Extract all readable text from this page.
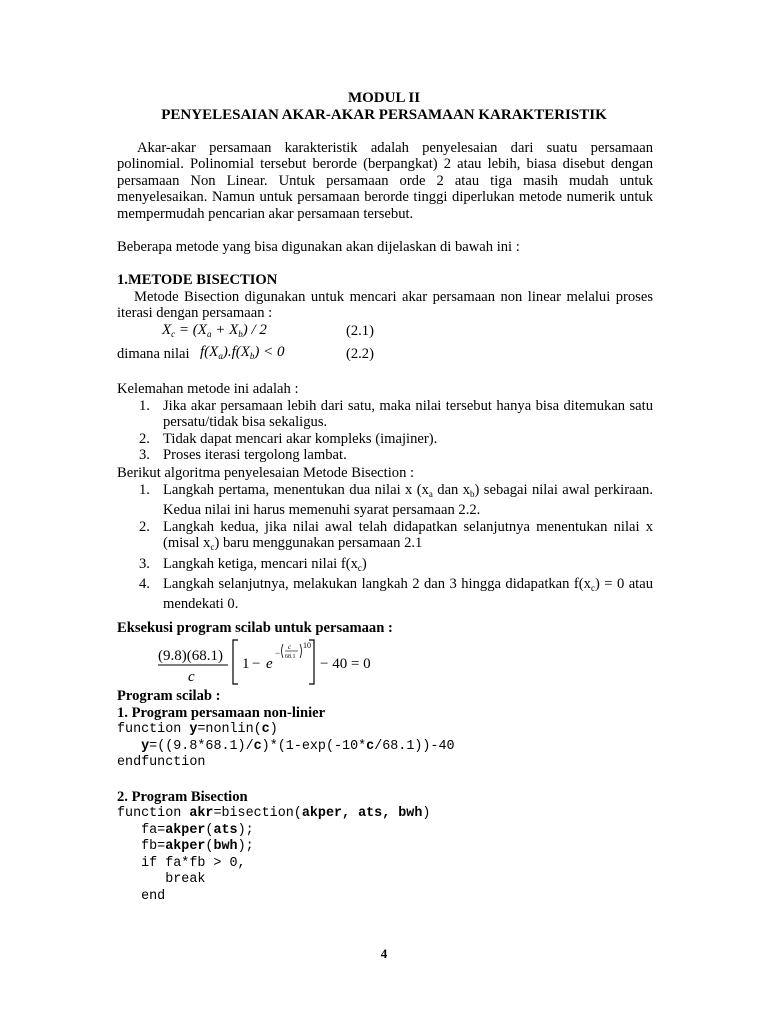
MODUL II
PENYELESAIAN AKAR-AKAR PERSAMAAN KARAKTERISTIK
Akar-akar persamaan karakteristik adalah penyelesaian dari suatu persamaan polinomial. Polinomial tersebut berorde (berpangkat) 2 atau lebih, biasa disebut dengan persamaan Non Linear. Untuk persamaan orde 2 atau tiga masih mudah untuk menyelesaikan. Namun untuk persamaan berorde tinggi diperlukan metode numerik untuk mempermudah pencarian akar persamaan tersebut.
Beberapa metode yang bisa digunakan akan dijelaskan di bawah ini :
1.METODE BISECTION
Metode Bisection digunakan untuk mencari akar persamaan non linear melalui proses iterasi dengan persamaan :
$X_c = (X_a + X_b) / 2$	(2.1)
dimana nilai $f(X_a).f(X_b) < 0$	(2.2)
Kelemahan metode ini adalah :
1. Jika akar persamaan lebih dari satu, maka nilai tersebut hanya bisa ditemukan satu persatu/tidak bisa sekaligus.
2. Tidak dapat mencari akar kompleks (imajiner).
3. Proses iterasi tergolong lambat.
Berikut algoritma penyelesaian Metode Bisection :
1. Langkah pertama, menentukan dua nilai x ($x_a$ dan $x_b$) sebagai nilai awal perkiraan. Kedua nilai ini harus memenuhi syarat persamaan 2.2.
2. Langkah kedua, jika nilai awal telah didapatkan selanjutnya menentukan nilai x (misal $x_c$) baru menggunakan persamaan 2.1
3. Langkah ketiga, mencari nilai $f(x_c)$
4. Langkah selanjutnya, melakukan langkah 2 dan 3 hingga didapatkan $f(x_c) = 0$ atau mendekati 0.
Eksekusi program scilab untuk persamaan :
(9.8)(68.1)
c
1 − e
−
c
68.1
10
− 40 = 0
Program scilab :
1. Program persamaan non-linier
function y=nonlin(c)
y=((9.8*68.1)/c)*(1-exp(-10*c/68.1))-40
endfunction
2. Program Bisection
function akr=bisection(akper, ats, bwh)
fa=akper(ats);
fb=akper(bwh);
if fa*fb > 0,
break
end
4
